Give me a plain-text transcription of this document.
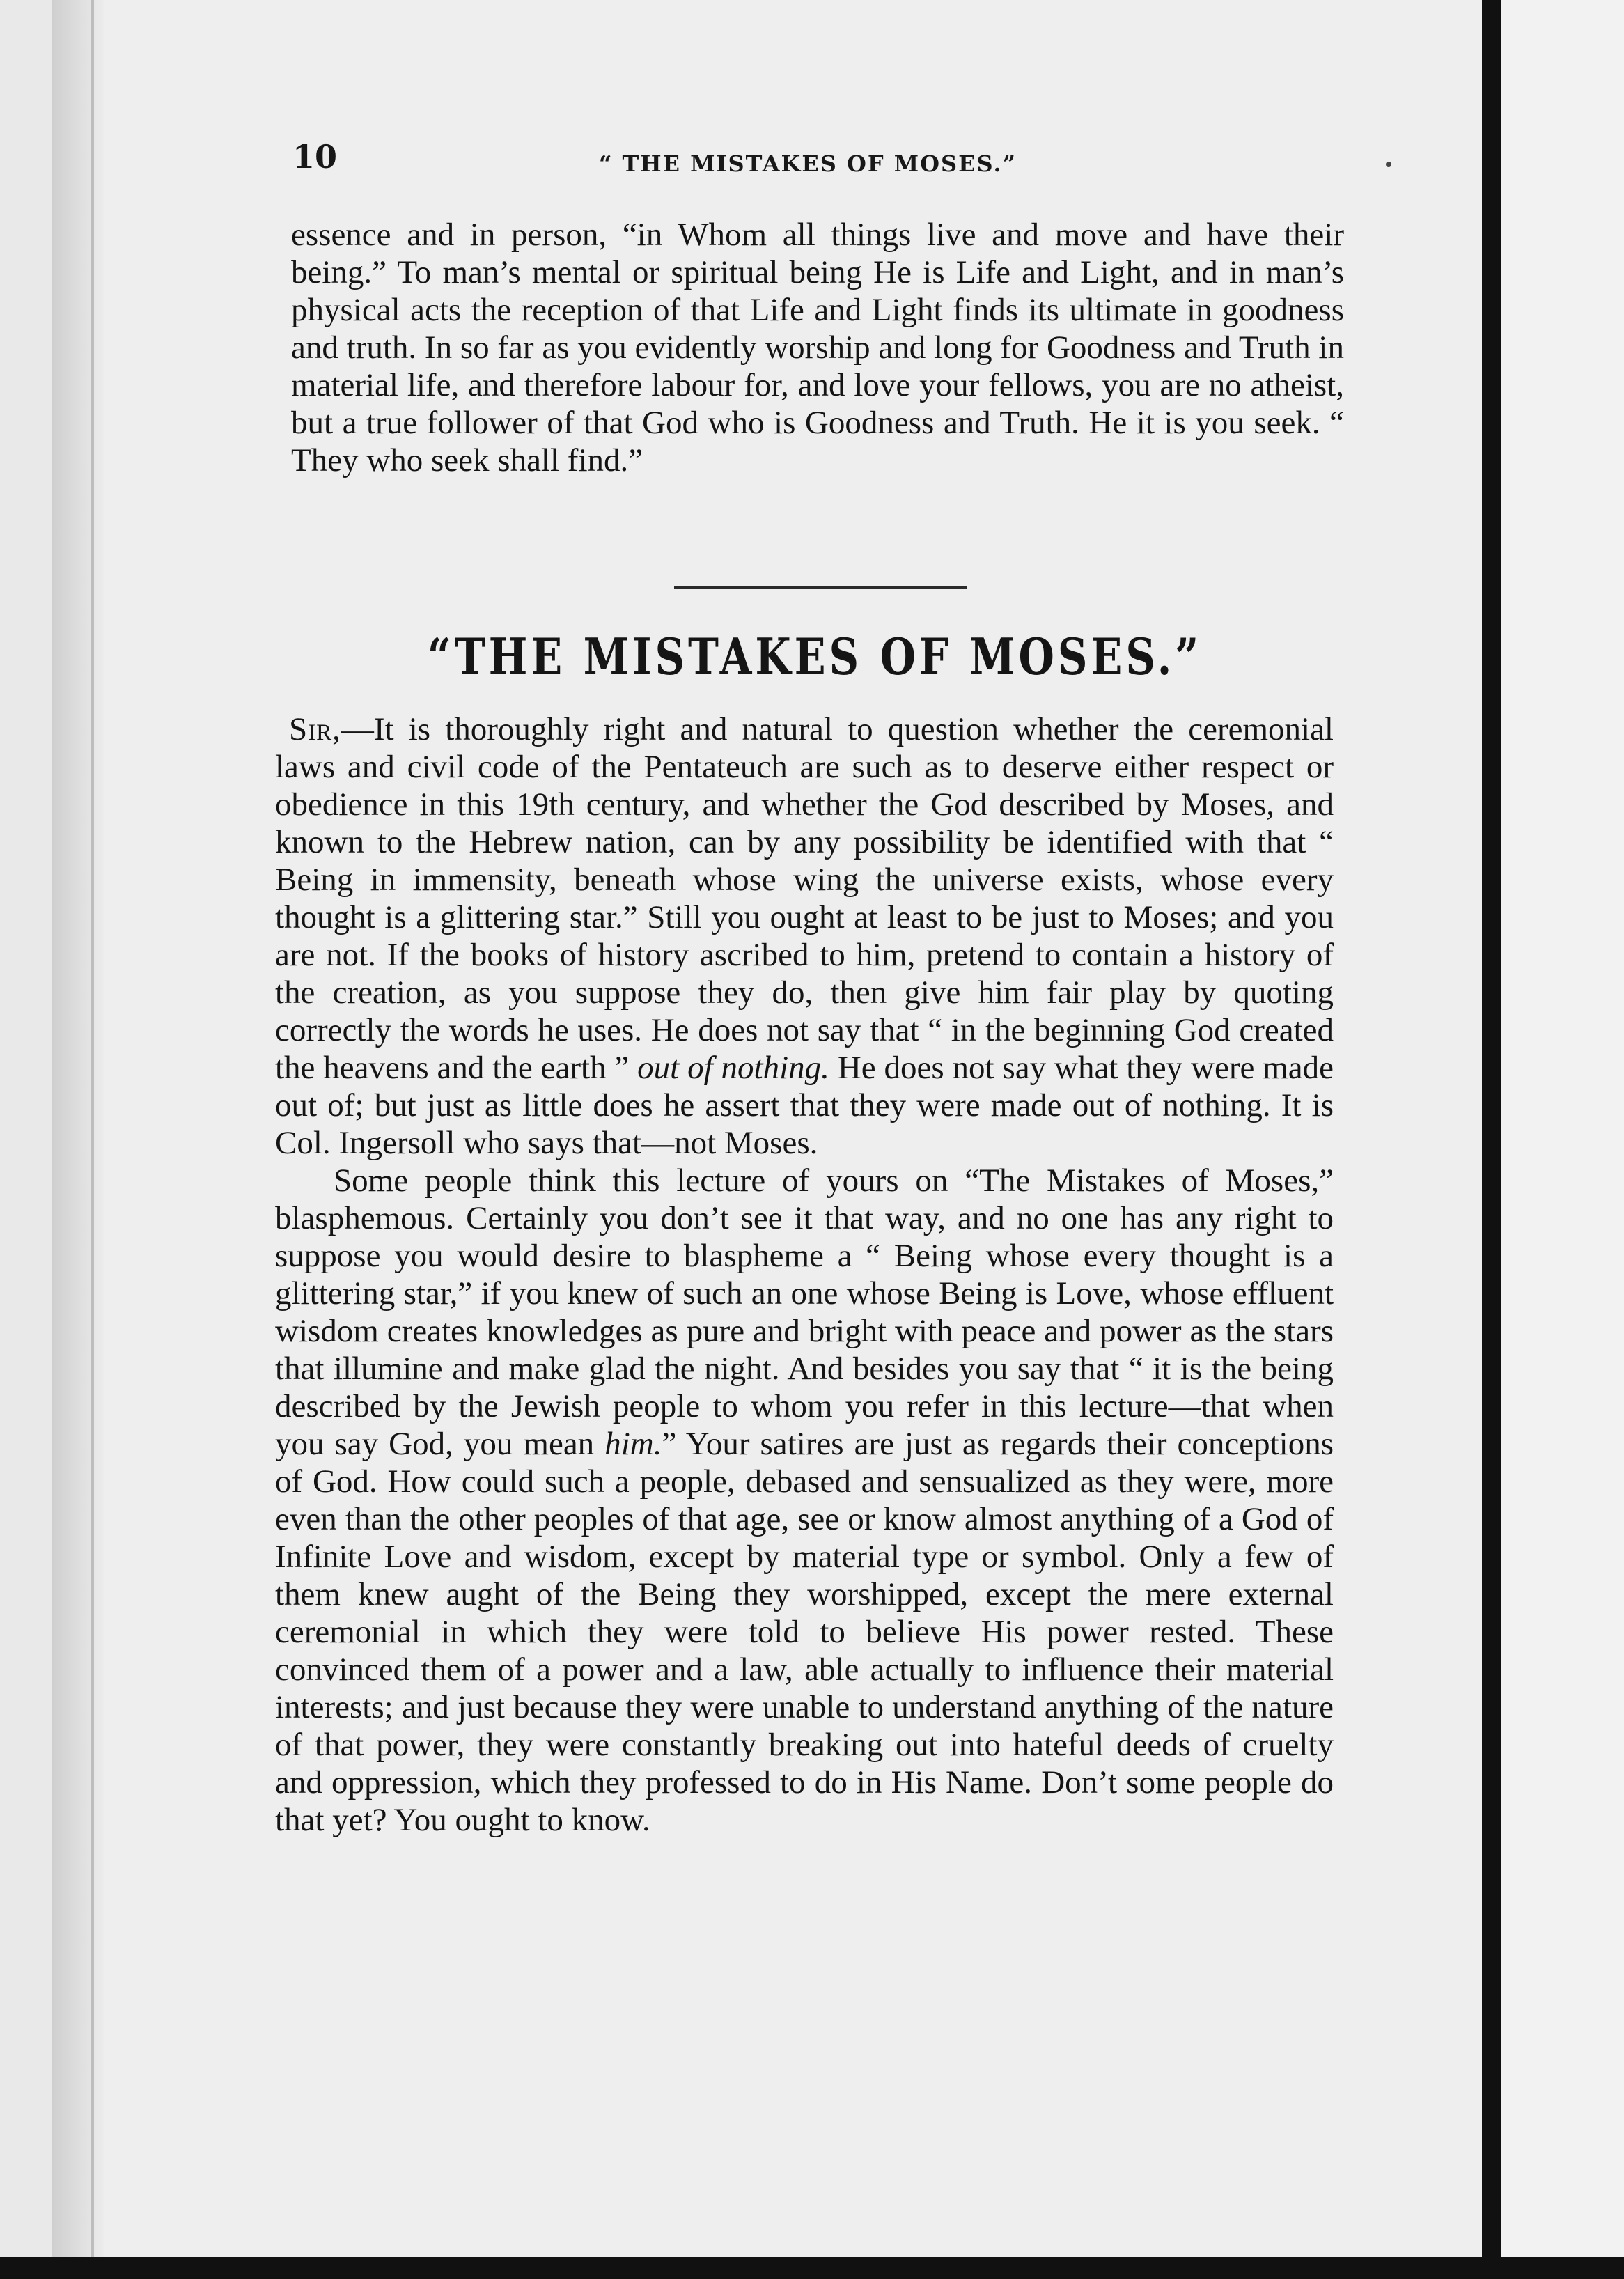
10	“ THE MISTAKES OF MOSES.”

essence and in person, “in Whom all things live and move and have their being.” To man’s mental or spiritual being He is Life and Light, and in man’s physical acts the reception of that Life and Light finds its ultimate in goodness and truth. In so far as you evidently worship and long for Goodness and Truth in material life, and therefore labour for, and love your fellows, you are no atheist, but a true follower of that God who is Goodness and Truth. He it is you seek. “ They who seek shall find.”

“THE MISTAKES OF MOSES.”

Sir,—It is thoroughly right and natural to question whether the ceremonial laws and civil code of the Pentateuch are such as to deserve either respect or obedience in this 19th century, and whether the God described by Moses, and known to the Hebrew nation, can by any possibility be identified with that “ Being in immensity, beneath whose wing the universe exists, whose every thought is a glittering star.” Still you ought at least to be just to Moses; and you are not. If the books of history ascribed to him, pretend to contain a history of the creation, as you suppose they do, then give him fair play by quoting correctly the words he uses. He does not say that “ in the beginning God created the heavens and the earth ” out of nothing. He does not say what they were made out of; but just as little does he assert that they were made out of nothing. It is Col. Ingersoll who says that—not Moses.

Some people think this lecture of yours on “The Mistakes of Moses,” blasphemous. Certainly you don’t see it that way, and no one has any right to suppose you would desire to blaspheme a “ Being whose every thought is a glittering star,” if you knew of such an one whose Being is Love, whose effluent wisdom creates knowledges as pure and bright with peace and power as the stars that illumine and make glad the night. And besides you say that “ it is the being described by the Jewish people to whom you refer in this lecture—that when you say God, you mean him.” Your satires are just as regards their conceptions of God. How could such a people, debased and sensualized as they were, more even than the other peoples of that age, see or know almost anything of a God of Infinite Love and wisdom, except by material type or symbol. Only a few of them knew aught of the Being they worshipped, except the mere external ceremonial in which they were told to believe His power rested. These convinced them of a power and a law, able actually to influence their material interests; and just because they were unable to understand anything of the nature of that power, they were constantly breaking out into hateful deeds of cruelty and oppression, which they professed to do in His Name. Don’t some people do that yet? You ought to know.
